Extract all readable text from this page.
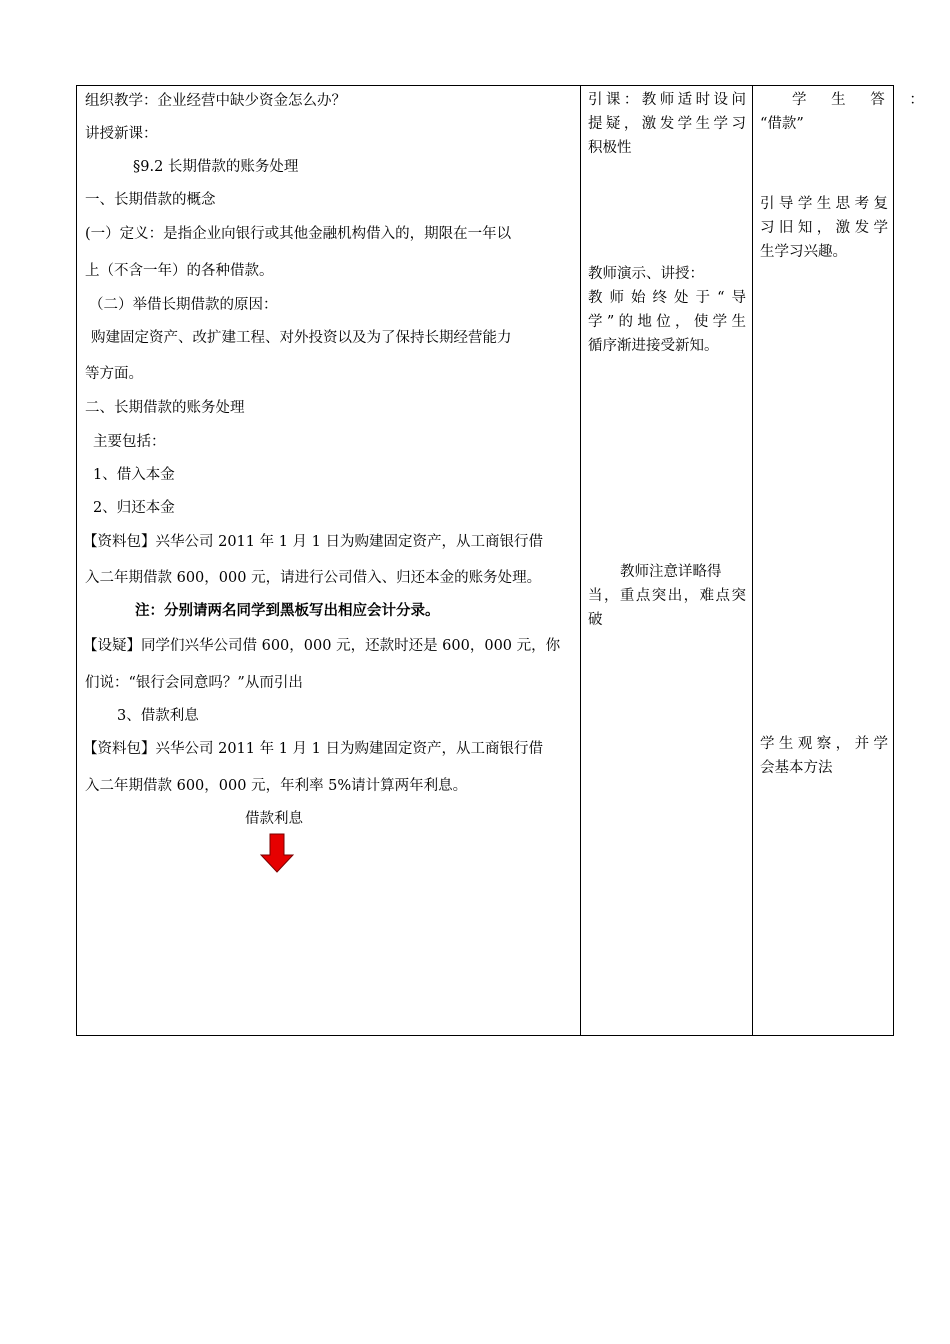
组织教学：企业经营中缺少资金怎么办？
讲授新课：
§9.2 长期借款的账务处理
一、长期借款的概念
(一）定义：是指企业向银行或其他金融机构借入的，期限在一年以
上（不含一年）的各种借款。
（二）举借长期借款的原因：
购建固定资产、改扩建工程、对外投资以及为了保持长期经营能力
等方面。
二、长期借款的账务处理
主要包括：
1、借入本金
2、归还本金
【资料包】兴华公司 2011 年 1 月 1 日为购建固定资产，从工商银行借
入二年期借款 600，000 元，请进行公司借入、归还本金的账务处理。
注：分别请两名同学到黑板写出相应会计分录。
【设疑】同学们兴华公司借 600，000 元，还款时还是 600，000 元，你
们说：“银行会同意吗？”从而引出
3、借款利息
【资料包】兴华公司 2011 年 1 月 1 日为购建固定资产，从工商银行借
入二年期借款 600，000 元，年利率 5%请计算两年利息。
借款利息
引课：教师适时设问
提疑，激发学生学习
积极性
教师演示、讲授：
教师始终处于“导
学”的地位，使学生
循序渐进接受新知。
教师注意详略得
当，重点突出，难点突
破
学 生 答 ：
“借款”
引导学生思考复
习旧知，激发学
生学习兴趣。
学生观察，并学
会基本方法
